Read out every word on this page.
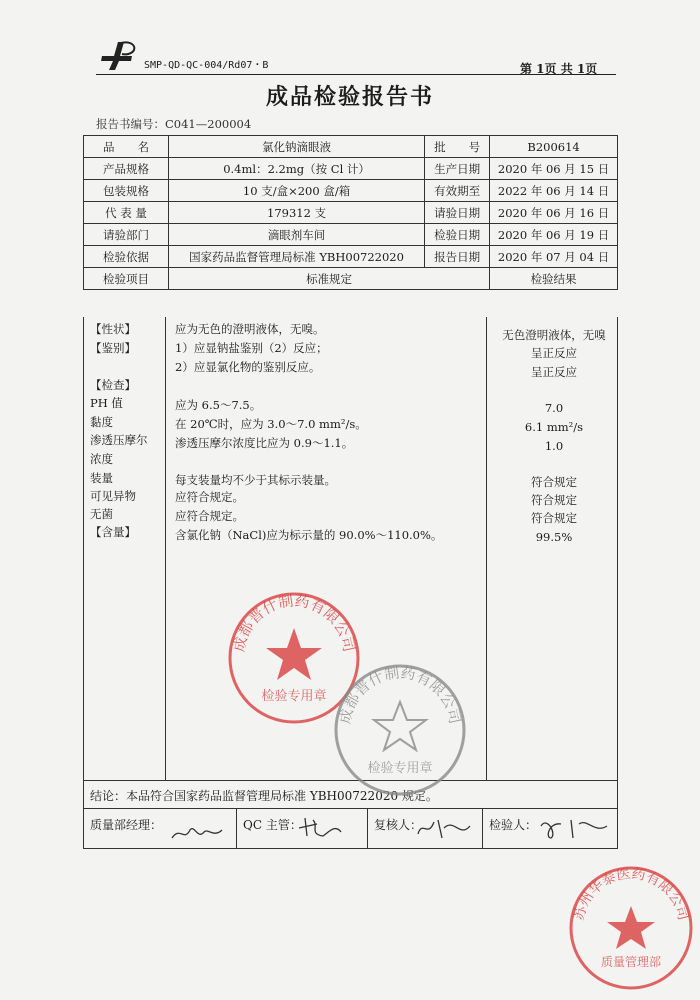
SMP-QD-QC-004/Rd07・B	第 1页 共 1页
成品检验报告书
报告书编号：C041—200004
品　　名	氯化钠滴眼液	批　　号	B200614
产品规格	0.4ml：2.2mg（按 Cl 计）	生产日期	2020 年 06 月 15 日
包装规格	10 支/盒×200 盒/箱	有效期至	2022 年 06 月 14 日
代 表 量	179312 支	请验日期	2020 年 06 月 16 日
请验部门	滴眼剂车间	检验日期	2020 年 06 月 19 日
检验依据	国家药品监督管理局标准 YBH00722020	报告日期	2020 年 07 月 04 日
检验项目	标准规定		检验结果
【性状】	应为无色的澄明液体，无嗅。	无色澄明液体，无嗅
【鉴别】	1）应显钠盐鉴别（2）反应；	呈正反应
2）应显氯化物的鉴别反应。	呈正反应
【检查】
PH 值	应为 6.5～7.5。	7.0
黏度	在 20℃时，应为 3.0～7.0 mm²/s。	6.1 mm²/s
渗透压摩尔
浓度
渗透压摩尔浓度比应为 0.9～1.1。	1.0
装量	每支装量均不少于其标示装量。	符合规定
可见异物	应符合规定。	符合规定
无菌	应符合规定。	符合规定
【含量】	含氯化钠（NaCl)应为标示量的 90.0%～110.0%。	99.5%
结论：本品符合国家药品监督管理局标准 YBH00722020 规定。
质量部经理：	QC 主管：	复核人：	检验人：
成都普什制药有限公司
检验专用章
成都普什制药有限公司
检验专用章
苏州华泰医药有限公司
质量管理部
